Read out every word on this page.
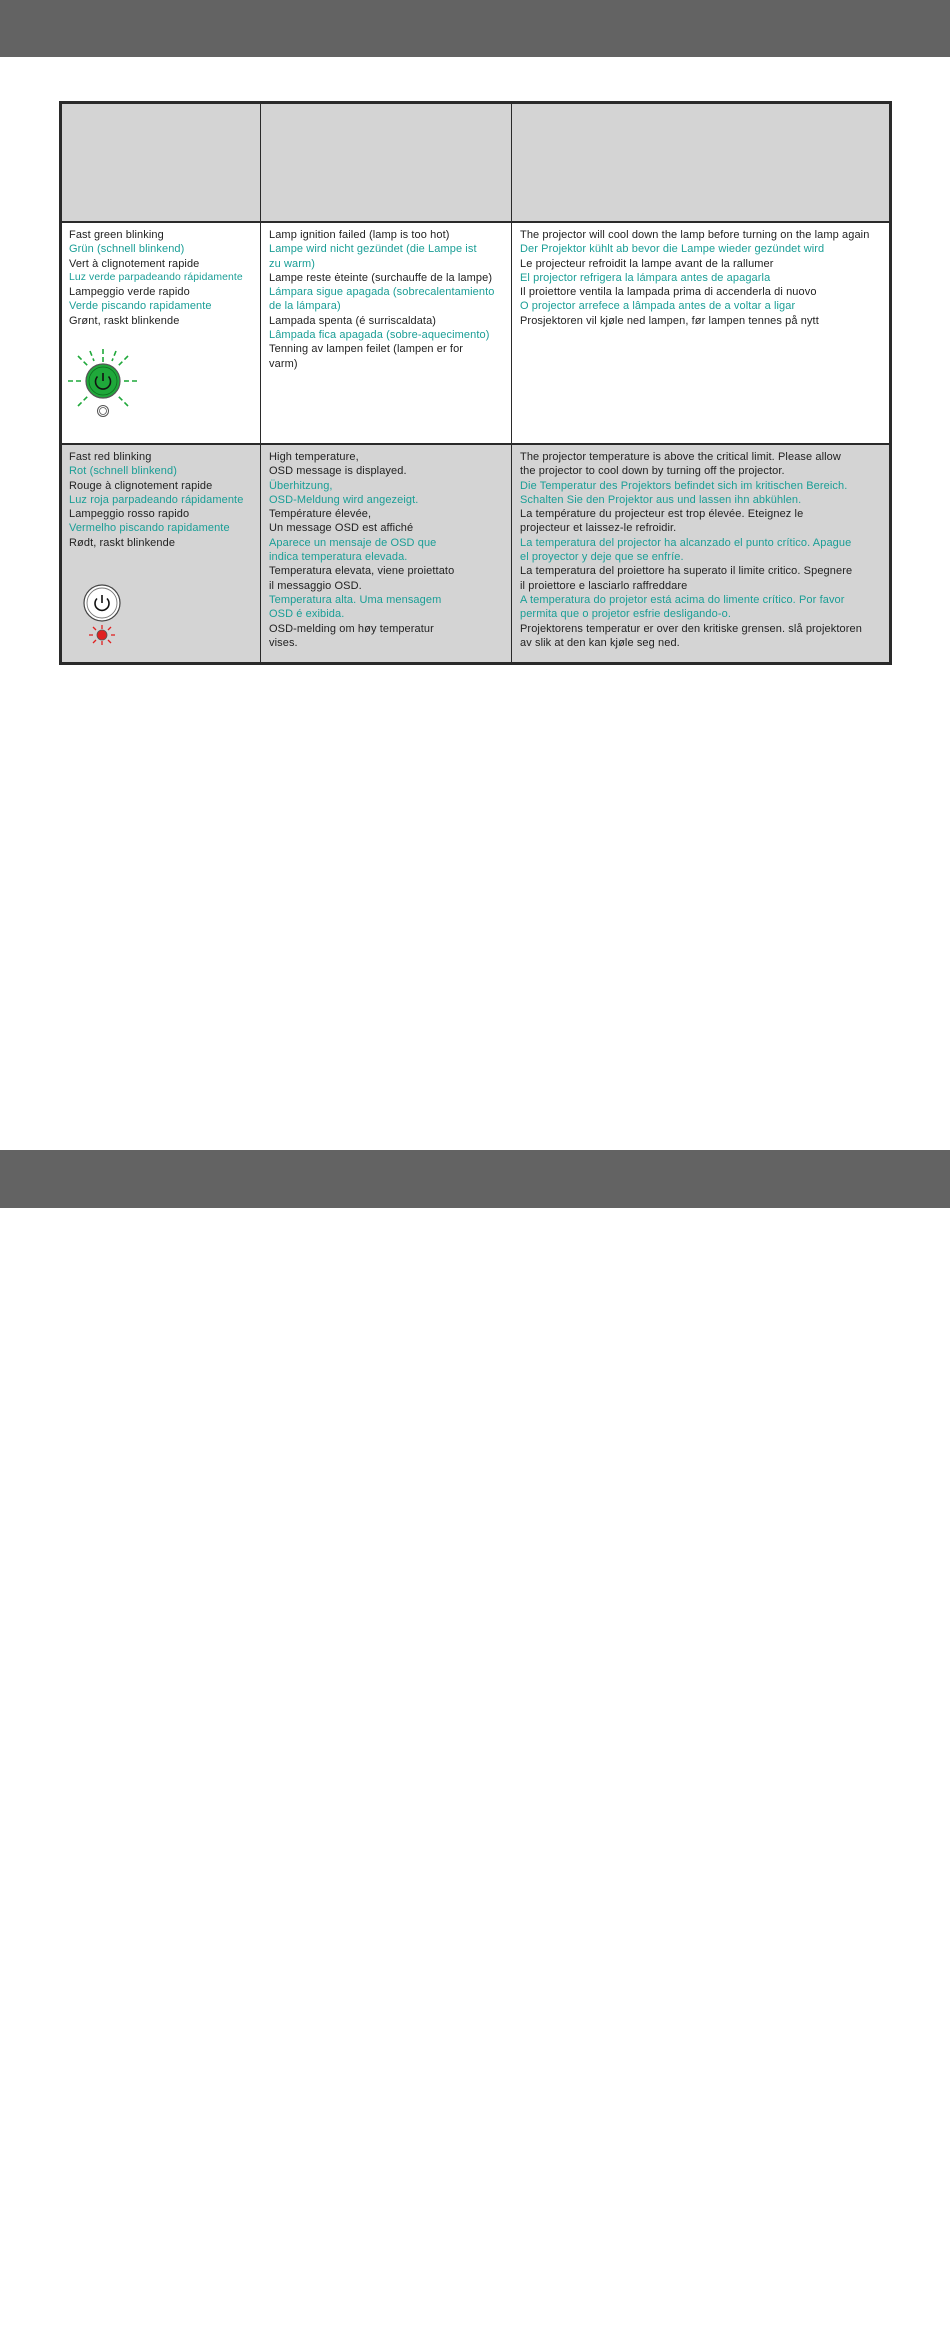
Fast green blinking
Grün (schnell blinkend)
Vert à clignotement rapide
Luz verde parpadeando rápidamente
Lampeggio verde rapido
Verde piscando rapidamente
Grønt, raskt blinkende
Lamp ignition failed (lamp is too hot)
Lampe wird nicht gezündet (die Lampe ist
zu warm)
Lampe reste ėteinte (surchauffe de la lampe)
Lámpara sigue apagada (sobrecalentamiento
de la lámpara)
Lampada spenta (é surriscaldata)
Lâmpada fica apagada (sobre-aquecimento)
Tenning av lampen feilet (lampen er for
varm)
The projector will cool down the lamp before turning on the lamp again
Der Projektor kühlt ab bevor die Lampe wieder gezündet wird
Le projecteur refroidit la lampe avant de la rallumer
El projector refrigera la lámpara antes de apagarla
Il proiettore ventila la lampada prima di accenderla di nuovo
O projector arrefece a lâmpada antes de a voltar a ligar
Prosjektoren vil kjøle ned lampen, før lampen tennes på nytt
Fast red blinking
Rot (schnell blinkend)
Rouge à clignotement rapide
Luz roja parpadeando rápidamente
Lampeggio rosso rapido
Vermelho piscando rapidamente
Rødt, raskt blinkende
High temperature,
OSD message is displayed.
Überhitzung,
OSD-Meldung wird angezeigt.
Température élevée,
Un message OSD est affiché
Aparece un mensaje de OSD que
indica temperatura elevada.
Temperatura elevata, viene proiettato
il messaggio OSD.
Temperatura alta. Uma mensagem
OSD é exibida.
OSD-melding om høy temperatur
vises.
The projector temperature is above the critical limit. Please allow
the projector to cool down by turning off the projector.
Die Temperatur des Projektors befindet sich im kritischen Bereich.
Schalten Sie den Projektor aus und lassen ihn abkühlen.
La température du projecteur est trop élevée. Eteignez le
projecteur et laissez-le refroidir.
La temperatura del projector ha alcanzado el punto crítico. Apague
el proyector y deje que se enfríe.
La temperatura del proiettore ha superato il limite critico. Spegnere
il proiettore e lasciarlo raffreddare
A temperatura do projetor está acima do limente crítico. Por favor
permita que o projetor esfrie desligando-o.
Projektorens temperatur er over den kritiske grensen. slå projektoren
av slik at den kan kjøle seg ned.
